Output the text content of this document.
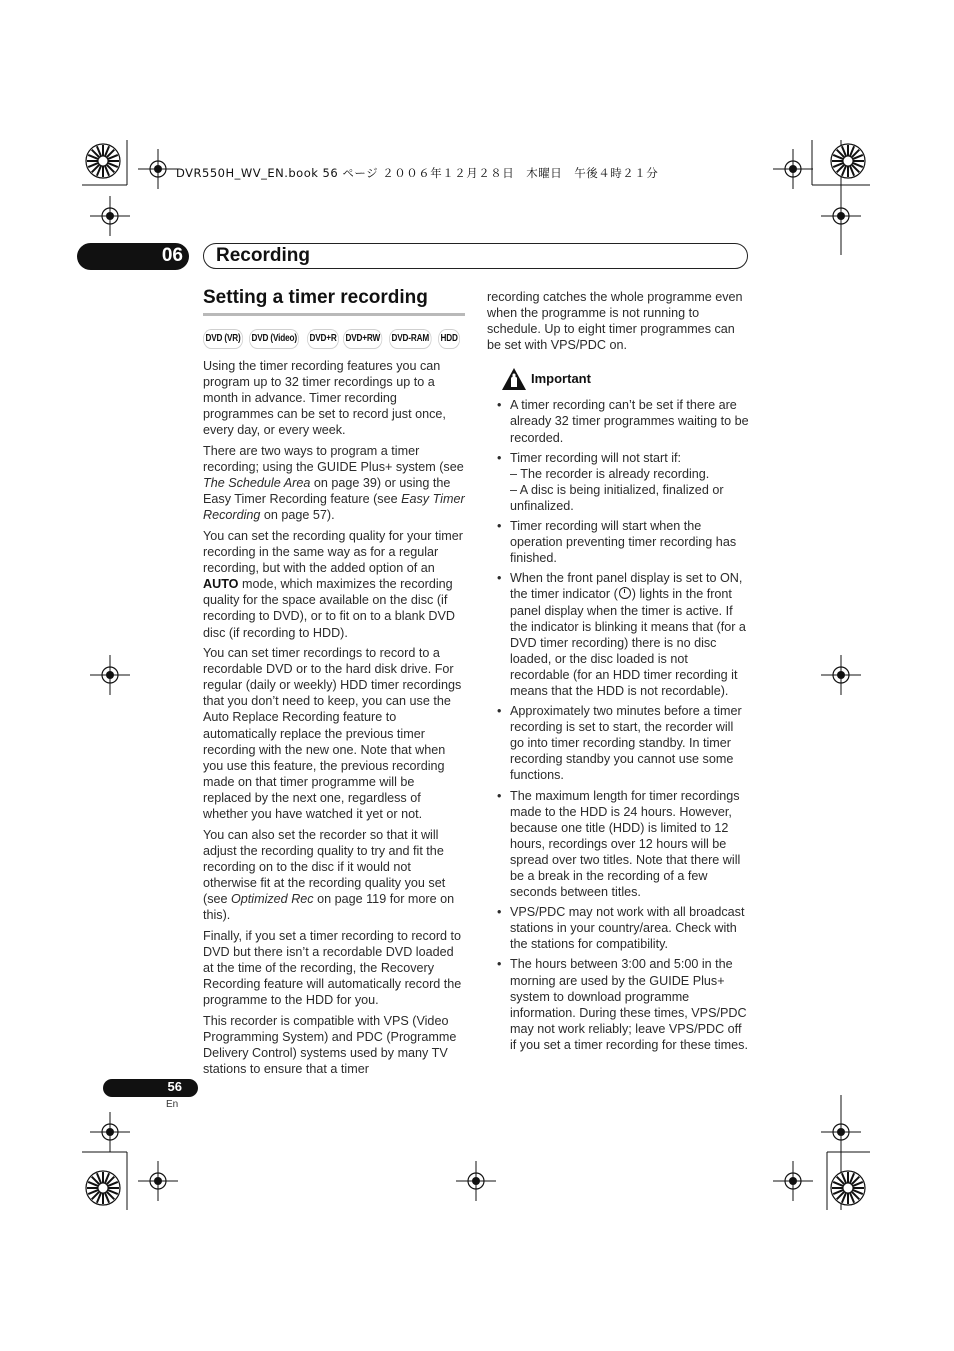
DVR550H_WV_EN.book 56 ページ ２００６年１２月２８日　木曜日　午後４時２１分
06 Recording
Setting a timer recording
DVD (VR) DVD (Video) DVD+R DVD+RW DVD-RAM HDD

Using the timer recording features you can program up to 32 timer recordings up to a month in advance. Timer recording programmes can be set to record just once, every day, or every week.

There are two ways to program a timer recording; using the GUIDE Plus+ system (see The Schedule Area on page 39) or using the Easy Timer Recording feature (see Easy Timer Recording on page 57).

You can set the recording quality for your timer recording in the same way as for a regular recording, but with the added option of an AUTO mode, which maximizes the recording quality for the space available on the disc (if recording to DVD), or to fit on to a blank DVD disc (if recording to HDD).

You can set timer recordings to record to a recordable DVD or to the hard disk drive. For regular (daily or weekly) HDD timer recordings that you don’t need to keep, you can use the Auto Replace Recording feature to automatically replace the previous timer recording with the new one. Note that when you use this feature, the previous recording made on that timer programme will be replaced by the next one, regardless of whether you have watched it yet or not.

You can also set the recorder so that it will adjust the recording quality to try and fit the recording on to the disc if it would not otherwise fit at the recording quality you set (see Optimized Rec on page 119 for more on this).

Finally, if you set a timer recording to record to DVD but there isn’t a recordable DVD loaded at the time of the recording, the Recovery Recording feature will automatically record the programme to the HDD for you.

This recorder is compatible with VPS (Video Programming System) and PDC (Programme Delivery Control) systems used by many TV stations to ensure that a timer

recording catches the whole programme even when the programme is not running to schedule. Up to eight timer programmes can be set with VPS/PDC on.

Important
• A timer recording can’t be set if there are already 32 timer programmes waiting to be recorded.
• Timer recording will not start if:
– The recorder is already recording.
– A disc is being initialized, finalized or unfinalized.
• Timer recording will start when the operation preventing timer recording has finished.
• When the front panel display is set to ON, the timer indicator ( ) lights in the front panel display when the timer is active. If the indicator is blinking it means that (for a DVD timer recording) there is no disc loaded, or the disc loaded is not recordable (for an HDD timer recording it means that the HDD is not recordable).
• Approximately two minutes before a timer recording is set to start, the recorder will go into timer recording standby. In timer recording standby you cannot use some functions.
• The maximum length for timer recordings made to the HDD is 24 hours. However, because one title (HDD) is limited to 12 hours, recordings over 12 hours will be spread over two titles. Note that there will be a break in the recording of a few seconds between titles.
• VPS/PDC may not work with all broadcast stations in your country/area. Check with the stations for compatibility.
• The hours between 3:00 and 5:00 in the morning are used by the GUIDE Plus+ system to download programme information. During these times, VPS/PDC may not work reliably; leave VPS/PDC off if you set a timer recording for these times.
56
En
